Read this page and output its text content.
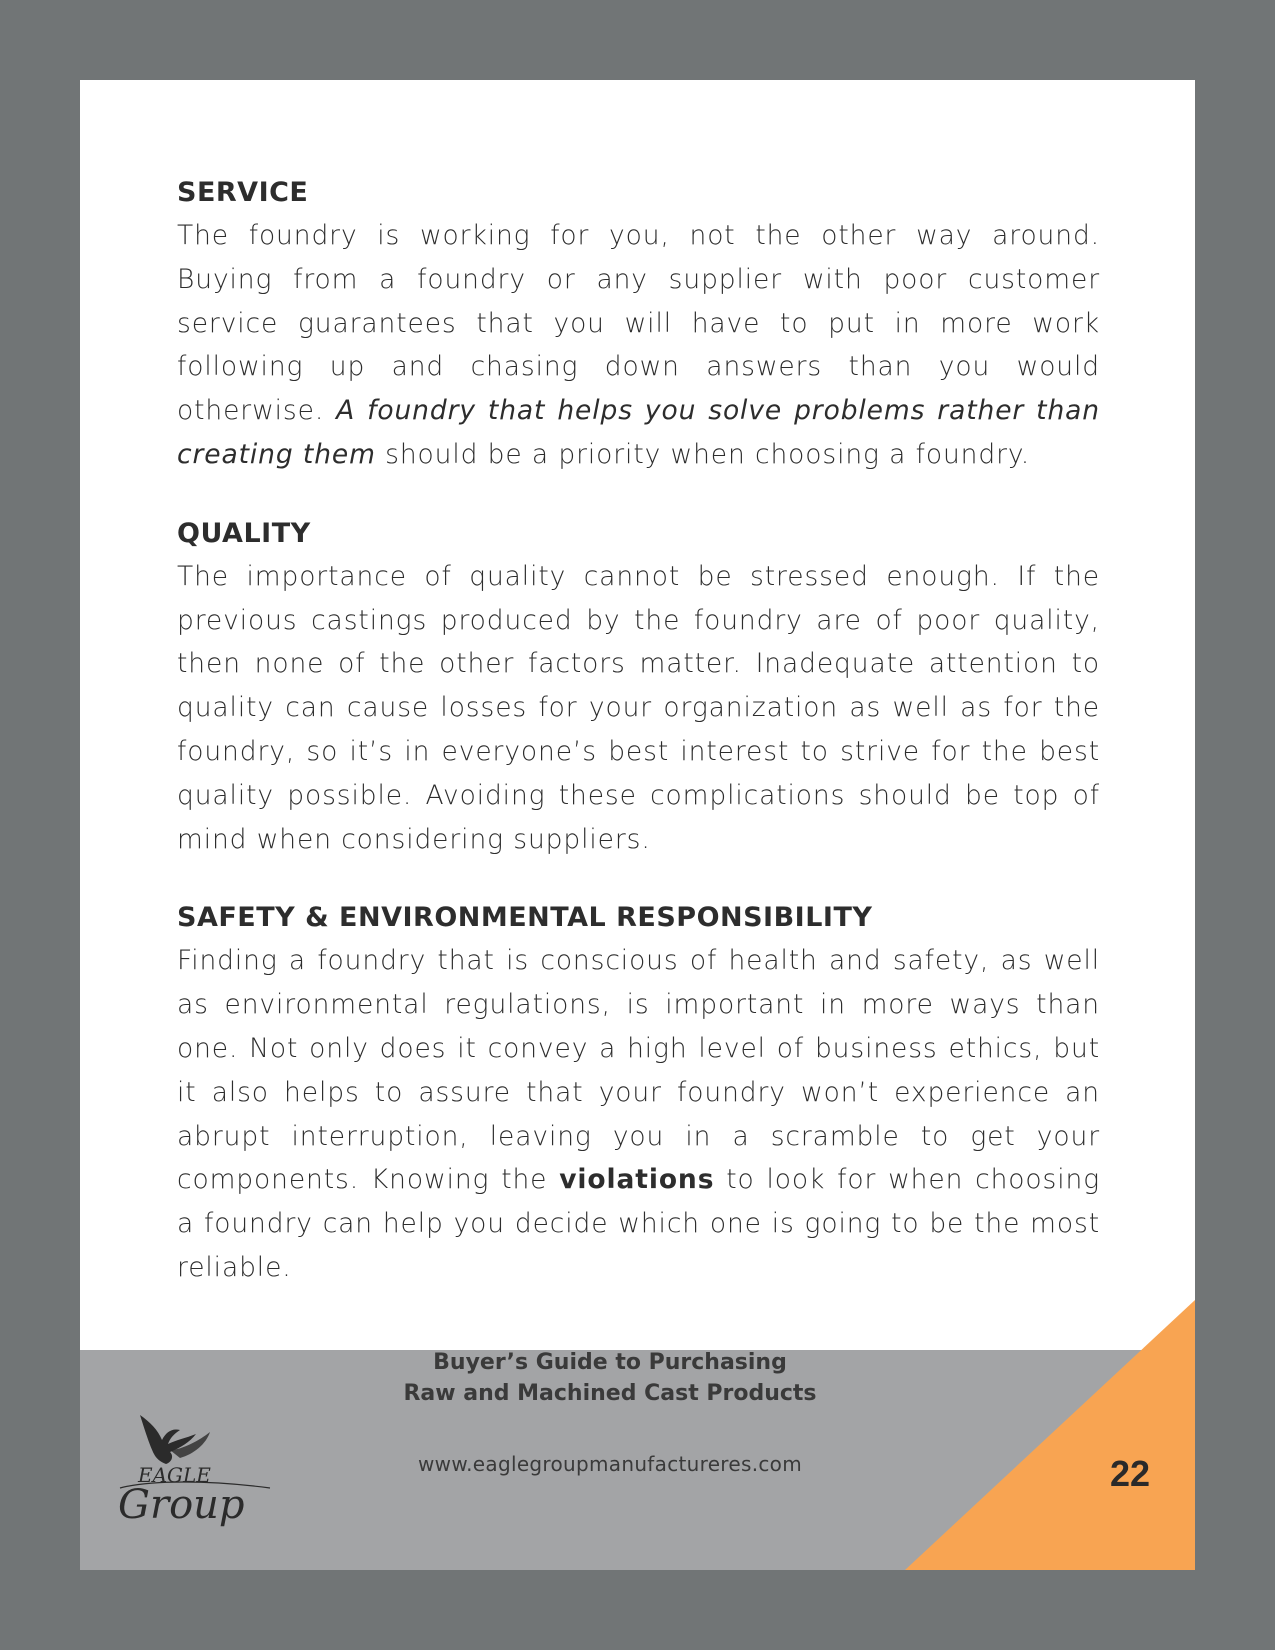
SERVICE

The foundry is working for you, not the other way around. Buying from a foundry or any supplier with poor customer service guarantees that you will have to put in more work following up and chasing down answers than you would otherwise. A foundry that helps you solve problems rather than creating them should be a priority when choosing a foundry.

QUALITY

The importance of quality cannot be stressed enough. If the previous castings produced by the foundry are of poor quality, then none of the other factors matter. Inadequate attention to quality can cause losses for your organization as well as for the foundry, so it’s in everyone’s best interest to strive for the best quality possible. Avoiding these complications should be top of mind when considering suppliers.

SAFETY & ENVIRONMENTAL RESPONSIBILITY

Finding a foundry that is conscious of health and safety, as well as environmental regulations, is important in more ways than one. Not only does it convey a high level of business ethics, but it also helps to assure that your foundry won’t experience an abrupt interruption, leaving you in a scramble to get your components. Knowing the violations to look for when choosing a foundry can help you decide which one is going to be the most reliable.

22

EAGLE
Group

Buyer’s Guide to Purchasing
Raw and Machined Cast Products

www.eaglegroupmanufactureres.com
